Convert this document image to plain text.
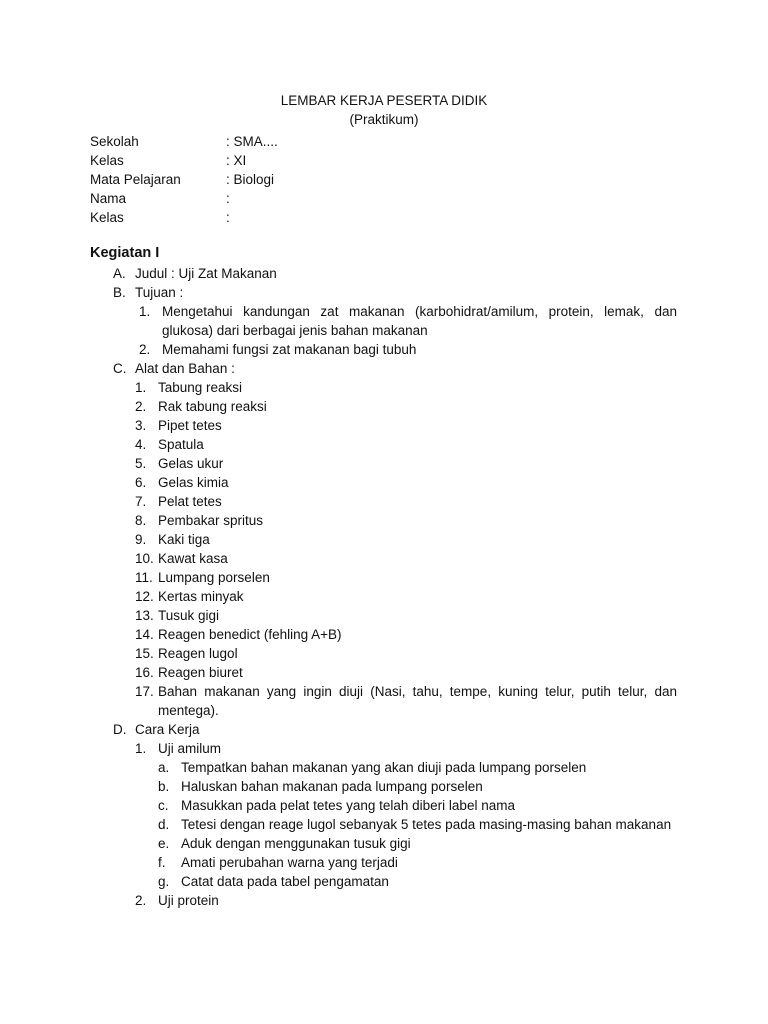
LEMBAR KERJA PESERTA DIDIK
(Praktikum)
Sekolah	: SMA....
Kelas	: XI
Mata Pelajaran	: Biologi
Nama	:
Kelas	:
Kegiatan I
A. Judul : Uji Zat Makanan
B. Tujuan :
1. Mengetahui kandungan zat makanan (karbohidrat/amilum, protein, lemak, dan glukosa) dari berbagai jenis bahan makanan
2. Memahami fungsi zat makanan bagi tubuh
C. Alat dan Bahan :
1. Tabung reaksi
2. Rak tabung reaksi
3. Pipet tetes
4. Spatula
5. Gelas ukur
6. Gelas kimia
7. Pelat tetes
8. Pembakar spritus
9. Kaki tiga
10. Kawat kasa
11. Lumpang porselen
12. Kertas minyak
13. Tusuk gigi
14. Reagen benedict (fehling A+B)
15. Reagen lugol
16. Reagen biuret
17. Bahan makanan yang ingin diuji (Nasi, tahu, tempe, kuning telur, putih telur, dan mentega).
D. Cara Kerja
1. Uji amilum
a. Tempatkan bahan makanan yang akan diuji pada lumpang porselen
b. Haluskan bahan makanan pada lumpang porselen
c. Masukkan pada pelat tetes yang telah diberi label nama
d. Tetesi dengan reage lugol sebanyak 5 tetes pada masing-masing bahan makanan
e. Aduk dengan menggunakan tusuk gigi
f. Amati perubahan warna yang terjadi
g. Catat data pada tabel pengamatan
2. Uji protein
